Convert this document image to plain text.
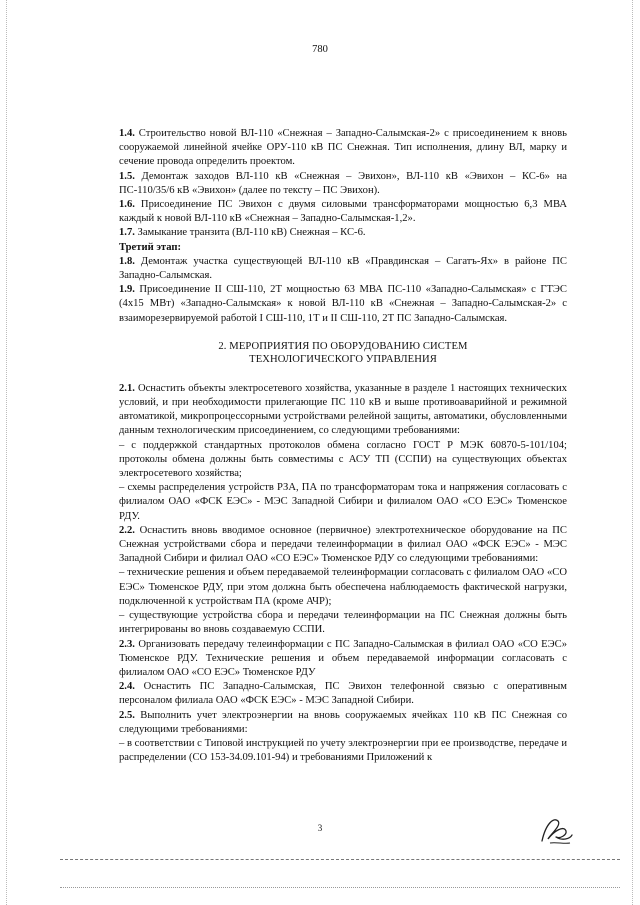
780

1.4. Строительство новой ВЛ-110 «Снежная – Западно-Салымская-2» с присоединением к вновь сооружаемой линейной ячейке ОРУ-110 кВ ПС Снежная. Тип исполнения, длину ВЛ, марку и сечение провода определить проектом.

1.5. Демонтаж заходов ВЛ-110 кВ «Снежная – Эвихон», ВЛ-110 кВ «Эвихон – КС-6» на ПС-110/35/6 кВ «Эвихон» (далее по тексту – ПС Эвихон).

1.6. Присоединение ПС Эвихон с двумя силовыми трансформаторами мощностью 6,3 МВА каждый к новой ВЛ-110 кВ «Снежная – Западно-Салымская-1,2».

1.7. Замыкание транзита (ВЛ-110 кВ) Снежная – КС-6.

Третий этап:

1.8. Демонтаж участка существующей ВЛ-110 кВ «Правдинская – Сагатъ-Ях» в районе ПС Западно-Салымская.

1.9. Присоединение II СШ-110, 2Т мощностью 63 МВА ПС-110 «Западно-Салымская» с ГТЭС (4х15 МВт) «Западно-Салымская» к новой ВЛ-110 кВ «Снежная – Западно-Салымская-2» с взаиморезервируемой работой I СШ-110, 1Т и II СШ-110, 2Т ПС Западно-Салымская.

2. МЕРОПРИЯТИЯ ПО ОБОРУДОВАНИЮ СИСТЕМ
ТЕХНОЛОГИЧЕСКОГО УПРАВЛЕНИЯ

2.1. Оснастить объекты электросетевого хозяйства, указанные в разделе 1 настоящих технических условий, и при необходимости прилегающие ПС 110 кВ и выше противоаварийной и режимной автоматикой, микропроцессорными устройствами релейной защиты, автоматики, обусловленными данным технологическим присоединением, со следующими требованиями:

– с поддержкой стандартных протоколов обмена согласно ГОСТ Р МЭК 60870-5-101/104; протоколы обмена должны быть совместимы с АСУ ТП (ССПИ) на существующих объектах электросетевого хозяйства;

– схемы распределения устройств РЗА, ПА по трансформаторам тока и напряжения согласовать с филиалом ОАО «ФСК ЕЭС» - МЭС Западной Сибири и филиалом ОАО «СО ЕЭС» Тюменское РДУ.

2.2. Оснастить вновь вводимое основное (первичное) электротехническое оборудование на ПС Снежная устройствами сбора и передачи телеинформации в филиал ОАО «ФСК ЕЭС» - МЭС Западной Сибири и филиал ОАО «СО ЕЭС» Тюменское РДУ со следующими требованиями:

– технические решения и объем передаваемой телеинформации согласовать с филиалом ОАО «СО ЕЭС» Тюменское РДУ, при этом должна быть обеспечена наблюдаемость фактической нагрузки, подключенной к устройствам ПА (кроме АЧР);

– существующие устройства сбора и передачи телеинформации на ПС Снежная должны быть интегрированы во вновь создаваемую ССПИ.

2.3. Организовать передачу телеинформации с ПС Западно-Салымская в филиал ОАО «СО ЕЭС» Тюменское РДУ. Технические решения и объем передаваемой информации согласовать с филиалом ОАО «СО ЕЭС» Тюменское РДУ

2.4. Оснастить ПС Западно-Салымская, ПС Эвихон телефонной связью с оперативным персоналом филиала ОАО «ФСК ЕЭС» - МЭС Западной Сибири.

2.5. Выполнить учет электроэнергии на вновь сооружаемых ячейках 110 кВ ПС Снежная со следующими требованиями:

– в соответствии с Типовой инструкцией по учету электроэнергии при ее производстве, передаче и распределении (СО 153-34.09.101-94) и требованиями Приложений к

3
